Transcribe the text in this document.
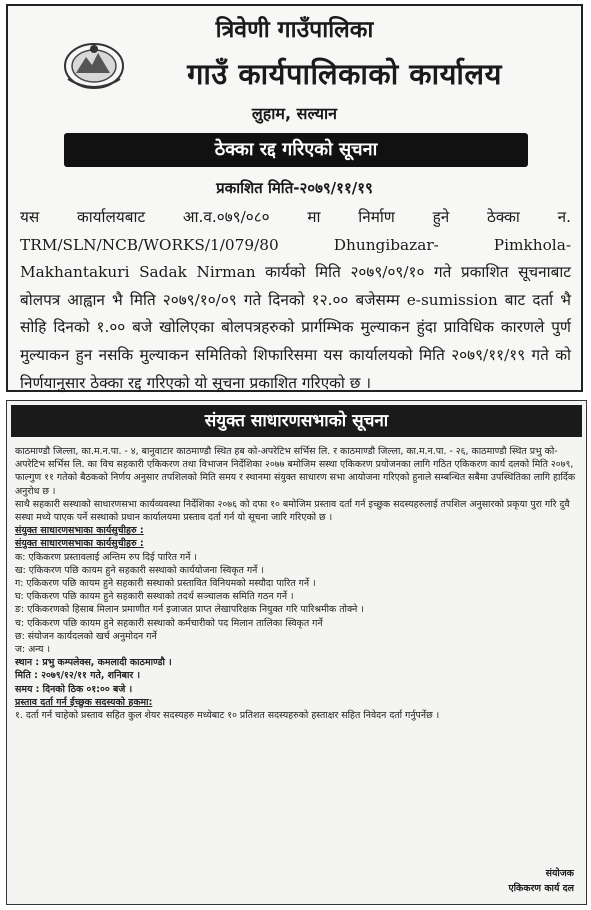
त्रिवेणी गाउँपालिका
गाउँ कार्यपालिकाको कार्यालय
लुहाम, सल्यान
ठेक्का रद्द गरिएको सूचना
प्रकाशित मिति-२०७९/११/१९
यस कार्यालयबाट आ.व.०७९/०८० मा निर्माण हुने ठेक्का न. TRM/SLN/NCB/WORKS/1/079/80 Dhungibazar- Pimkhola-Makhantakuri Sadak Nirman कार्यको मिति २०७९/०९/१० गते प्रकाशित सूचनाबाट बोलपत्र आह्वान भै मिति २०७९/१०/०९ गते दिनको १२.०० बजेसम्म e-sumission बाट दर्ता भै सोहि दिनको १.०० बजे खोलिएका बोलपत्रहरुको प्रार्गम्भिक मुल्याकन हुंदा प्राविधिक कारणले पुर्ण मुल्याकन हुन नसकि मुल्याकन समितिको शिफारिसमा यस कार्यालयको मिति २०७९/११/१९ गते को निर्णयानुसार ठेक्का रद्द गरिएको यो सूचना प्रकाशित गरिएको छ ।
संयुक्त साधारणसभाको सूचना

काठमाण्डौ जिल्ला, का.म.न.पा. - ४, बानुवाटार काठमाण्डौ स्थित हब को-अपरेटिभ सर्भिस लि. र काठमाण्डौ जिल्ला, का.म.न.पा. - २६, काठमाण्डौ स्थित प्रभु को-अपरेटिभ सर्भिस लि. का विच सहकारी एकिकरण तथा विभाजन निर्देशिका २०७७ बमोजिम सस्था एकिकरण प्रयोजनका लागि गठित एकिकरण कार्य दलको मिति २०७९, फाल्गुण ११ गतेको बैठकको निर्णय अनुसार तपशिलको मिति समय र स्थानमा संयुक्त साधारण सभा आयोजना गरिएको हुनाले सम्बन्धित सबैमा उपस्थितिका लागि हार्दिक अनुरोध छ ।

साथै सहकारी सस्थाको साधारणसभा कार्यव्यवस्था निर्देशिका २०७६ को दफा १० बमोजिम प्रस्ताव दर्ता गर्न इच्छुक सदस्यहरुलाई तपशिल अनुसारको प्रकृया पुरा गरि दुवै सस्था मध्ये पाएक पर्ने सस्थाको प्रधान कार्यालयमा प्रस्ताव दर्ता गर्न यो सूचना जारि गरिएको छ ।

संयुक्त साधारणसभाका कार्यसुचीहरु :

संयुक्त साधारणसभाका कार्यसुचीहरु :

क: एकिकरण प्रस्तावलाई अन्तिम रुप दिई पारित गर्ने ।

ख: एकिकरण पछि कायम हुने सहकारी सस्थाको कार्ययोजना स्विकृत गर्ने ।

ग: एकिकरण पछि कायम हुने सहकारी सस्थाको प्रस्तावित विनियमको मस्यौदा पारित गर्ने ।

घ: एकिकरण पछि कायम हुने सहकारी सस्थाको तदर्थ सञ्चालक समिति गठन गर्ने ।

ङ: एकिकरणको हिसाब मिलान प्रमाणीत गर्न इजाजत प्राप्त लेखापरिक्षक नियुक्त गरि पारिश्रमीक तोक्ने ।

च: एकिकरण पछि कायम हुने सहकारी सस्थाको कर्मचारीको पद मिलान तालिका स्विकृत गर्ने

छ: संयोजन कार्यदलको खर्च अनुमोदन गर्ने

ज: अन्य ।

स्थान : प्रभु कम्पलेक्स, कमलादी काठमाण्डौ ।

मिति : २०७९/१२/११ गते, शनिबार ।

समय : दिनको ठिक ०१:०० बजे ।

प्रस्ताव दर्ता गर्न ईच्छुक सदस्यको हकमा:

१. दर्ता गर्न चाहेको प्रस्ताव सहित कुल शेयर सदस्यहरु मध्येबाट १० प्रतिशत सदस्यहरुको हस्ताक्षर सहित निवेदन दर्ता गर्नुपर्नेछ ।

संयोजक
एकिकरण कार्य दल
